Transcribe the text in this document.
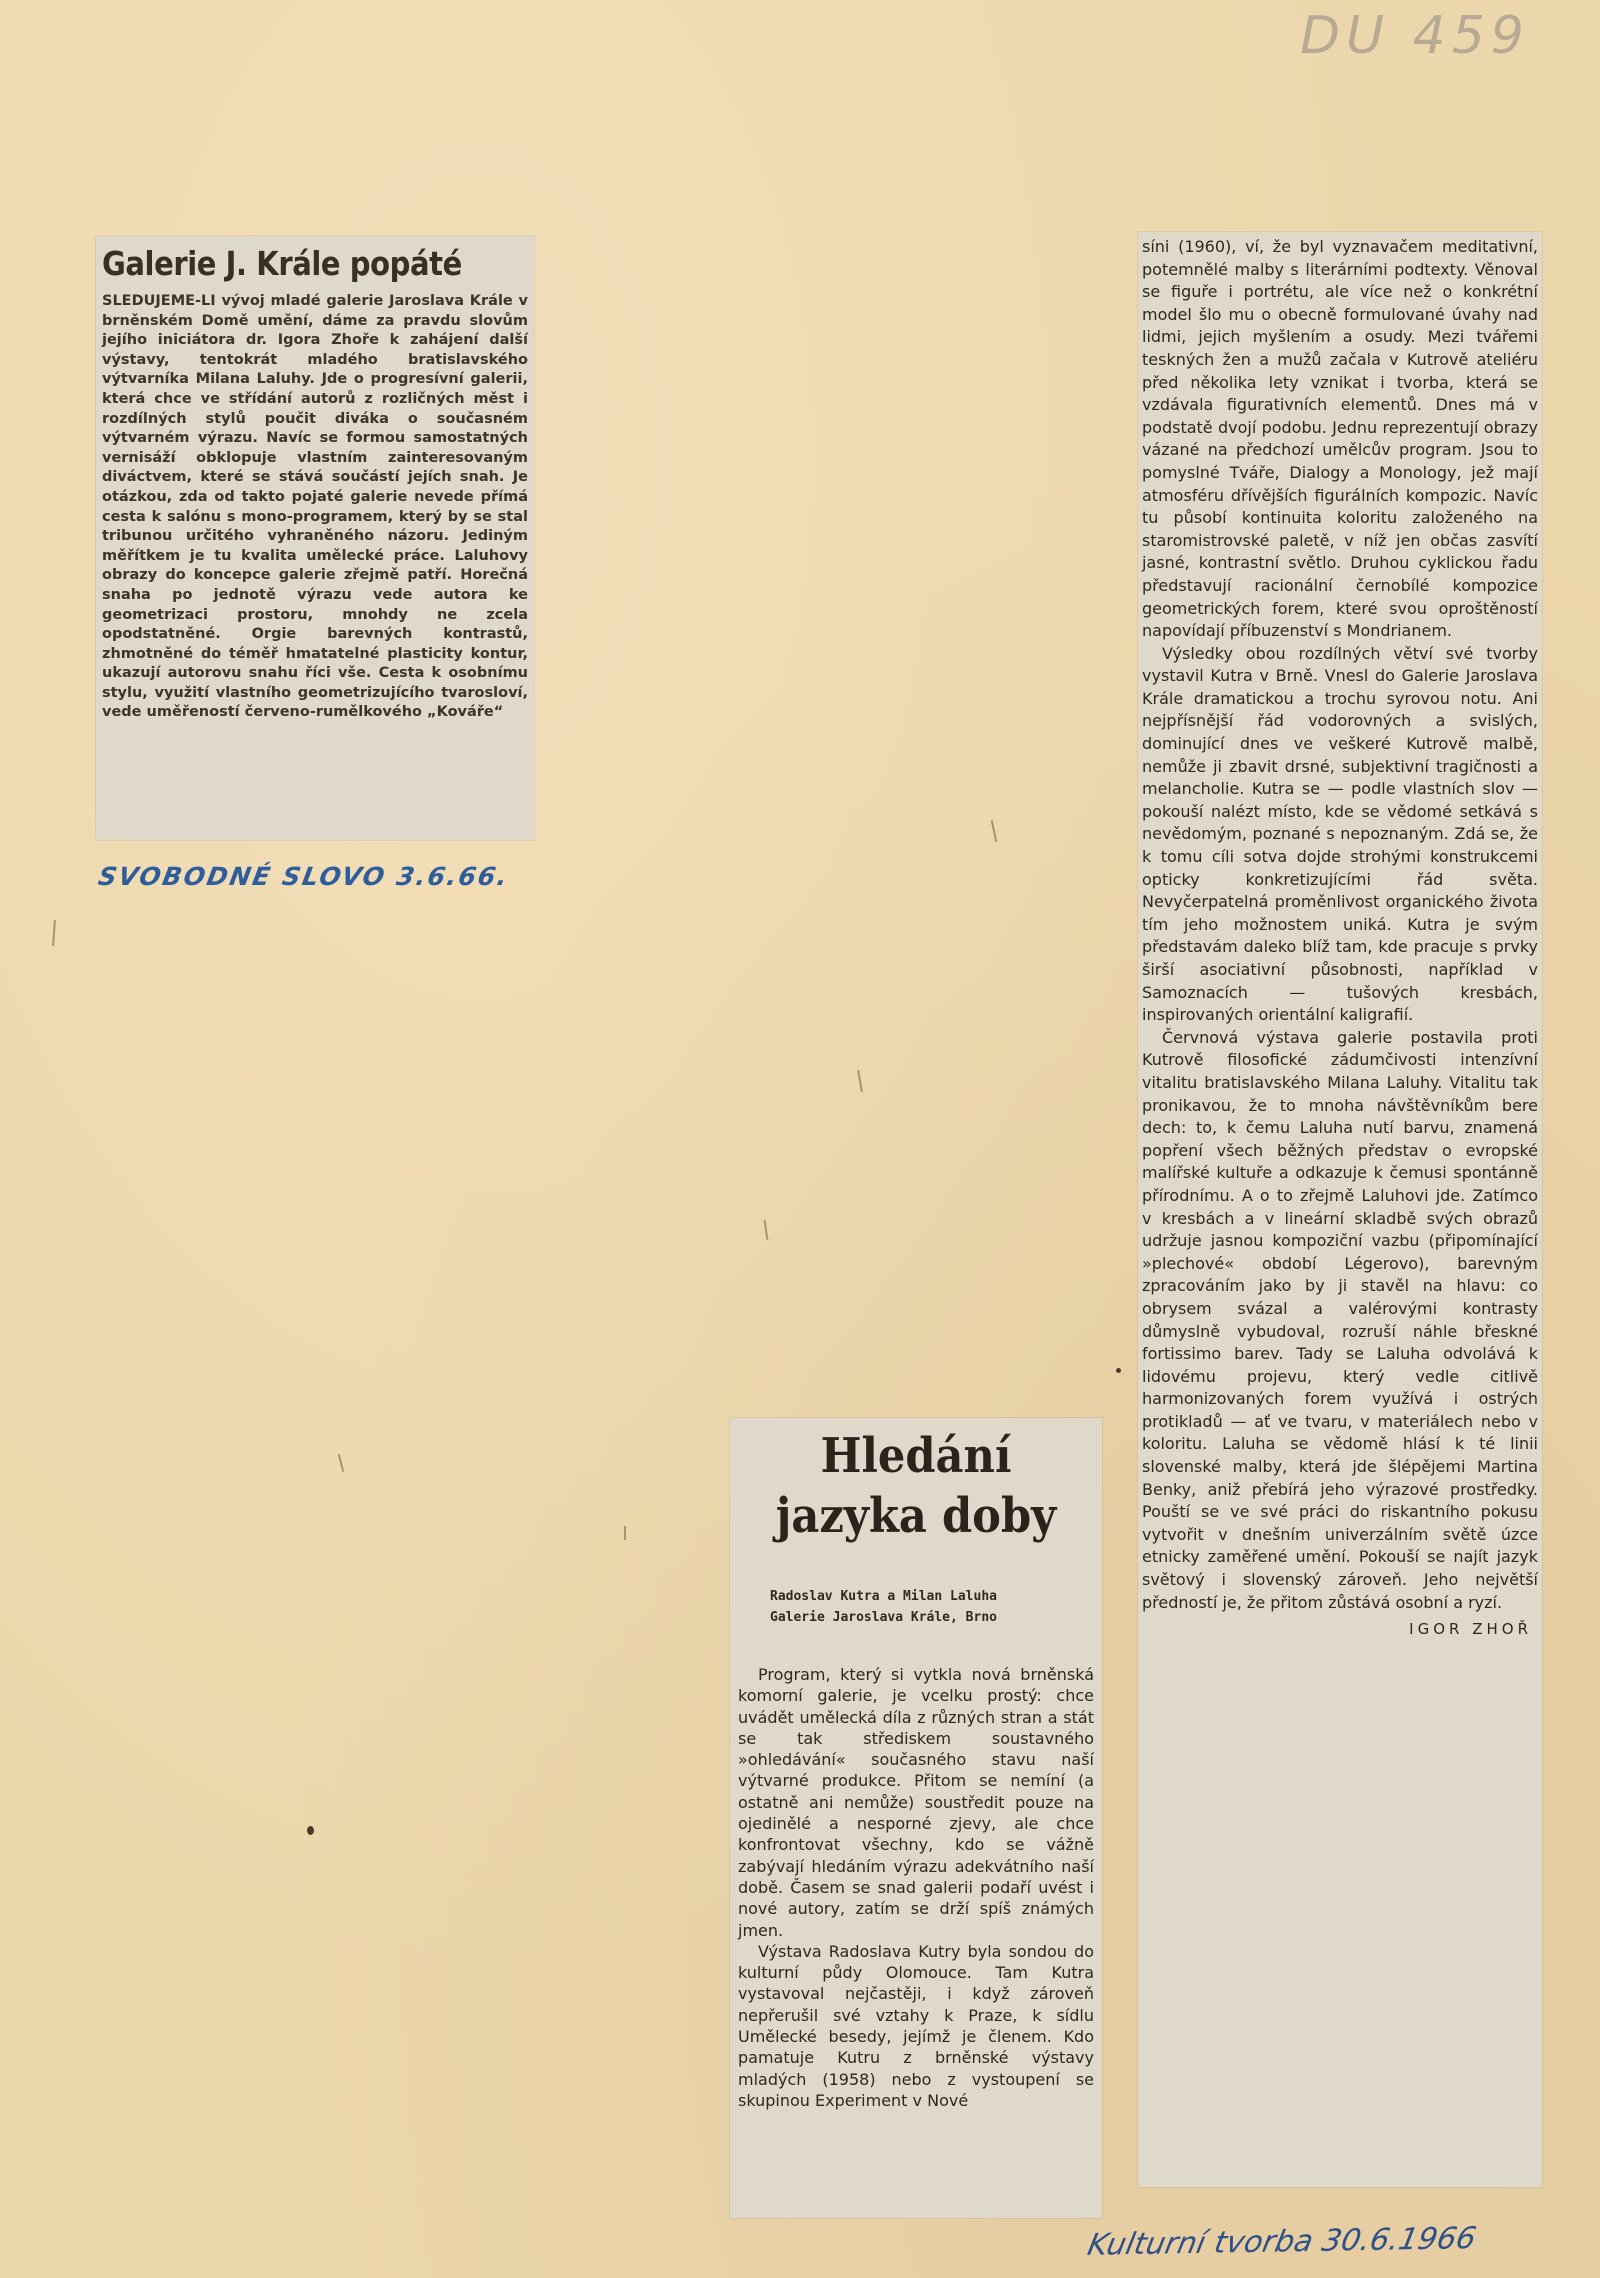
DU 459
Galerie J. Krále popáté
SLEDUJEME-LI vývoj mladé galerie Jaroslava Krále v brněnském Domě umění, dáme za pravdu slovům jejího iniciátora dr. Igora Zhoře k zahájení další výstavy, tentokrát mladého bratislavského výtvarníka Milana Laluhy. Jde o progresívní galerii, která chce ve střídání autorů z rozličných měst i rozdílných stylů poučit diváka o současném výtvarném výrazu. Navíc se formou samostatných vernisáží obklopuje vlastním zainteresovaným diváctvem, které se stává součástí jejích snah. Je otázkou, zda od takto pojaté galerie nevede přímá cesta k salónu s mono-programem, který by se stal tribunou určitého vyhraněného názoru. Jediným měřítkem je tu kvalita umělecké práce. Laluhovy obrazy do koncepce galerie zřejmě patří. Horečná snaha po jednotě výrazu vede autora ke geometrizaci prostoru, mnohdy ne zcela opodstatněné. Orgie barevných kontrastů, zhmotněné do téměř hmatatelné plasticity kontur, ukazují autorovu snahu říci vše. Cesta k osobnímu stylu, využití vlastního geometrizujícího tvarosloví, vede uměřeností červeno-rumělkového „Kováře“
SVOBODNÉ SLOVO 3.6.66.

síni (1960), ví, že byl vyznavačem meditativní, potemnělé malby s literárními podtexty. Věnoval se figuře i portrétu, ale více než o konkrétní model šlo mu o obecně formulované úvahy nad lidmi, jejich myšlením a osudy. Mezi tvářemi teskných žen a mužů začala v Kutrově ateliéru před několika lety vznikat i tvorba, která se vzdávala figurativních elementů. Dnes má v podstatě dvojí podobu. Jednu reprezentují obrazy vázané na předchozí umělcův program. Jsou to pomyslné Tváře, Dialogy a Monology, jež mají atmosféru dřívějších figurálních kompozic. Navíc tu působí kontinuita koloritu založeného na staromistrovské paletě, v níž jen občas zasvítí jasné, kontrastní světlo. Druhou cyklickou řadu představují racionální černobílé kompozice geometrických forem, které svou oproštěností napovídají příbuzenství s Mondrianem.

Výsledky obou rozdílných větví své tvorby vystavil Kutra v Brně. Vnesl do Galerie Jaroslava Krále dramatickou a trochu syrovou notu. Ani nejpřísnější řád vodorovných a svislých, dominující dnes ve veškeré Kutrově malbě, nemůže ji zbavit drsné, subjektivní tragičnosti a melancholie. Kutra se — podle vlastních slov — pokouší nalézt místo, kde se vědomé setkává s nevědomým, poznané s nepoznaným. Zdá se, že k tomu cíli sotva dojde strohými konstrukcemi opticky konkretizujícími řád světa. Nevyčerpatelná proměnlivost organického života tím jeho možnostem uniká. Kutra je svým představám daleko blíž tam, kde pracuje s prvky širší asociativní působnosti, například v Samoznacích — tušových kresbách, inspirovaných orientální kaligrafií.

Červnová výstava galerie postavila proti Kutrově filosofické zádumčivosti intenzívní vitalitu bratislavského Milana Laluhy. Vitalitu tak pronikavou, že to mnoha návštěvníkům bere dech: to, k čemu Laluha nutí barvu, znamená popření všech běžných představ o evropské malířské kultuře a odkazuje k čemusi spontánně přírodnímu. A o to zřejmě Laluhovi jde. Zatímco v kresbách a v lineární skladbě svých obrazů udržuje jasnou kompoziční vazbu (připomínající »plechové« období Légerovo), barevným zpracováním jako by ji stavěl na hlavu: co obrysem svázal a valérovými kontrasty důmyslně vybudoval, rozruší náhle břeskné fortissimo barev. Tady se Laluha odvolává k lidovému projevu, který vedle citlivě harmonizovaných forem využívá i ostrých protikladů — ať ve tvaru, v materiálech nebo v koloritu. Laluha se vědomě hlásí k té linii slovenské malby, která jde šlépějemi Martina Benky, aniž přebírá jeho výrazové prostředky. Pouští se ve své práci do riskantního pokusu vytvořit v dnešním univerzálním světě úzce etnicky zaměřené umění. Pokouší se najít jazyk světový i slovenský zároveň. Jeho největší předností je, že přitom zůstává osobní a ryzí.

IGOR ZHOŘ
Hledání
jazyka doby
Radoslav Kutra a Milan Laluha
Galerie Jaroslava Krále, Brno

Program, který si vytkla nová brněnská komorní galerie, je vcelku prostý: chce uvádět umělecká díla z různých stran a stát se tak střediskem soustavného »ohledávání« současného stavu naší výtvarné produkce. Přitom se nemíní (a ostatně ani nemůže) soustředit pouze na ojedinělé a nesporné zjevy, ale chce konfrontovat všechny, kdo se vážně zabývají hledáním výrazu adekvátního naší době. Časem se snad galerii podaří uvést i nové autory, zatím se drží spíš známých jmen.

Výstava Radoslava Kutry byla sondou do kulturní půdy Olomouce. Tam Kutra vystavoval nejčastěji, i když zároveň nepřerušil své vztahy k Praze, k sídlu Umělecké besedy, jejímž je členem. Kdo pamatuje Kutru z brněnské výstavy mladých (1958) nebo z vystoupení se skupinou Experiment v Nové

Kulturní tvorba 30.6.1966
